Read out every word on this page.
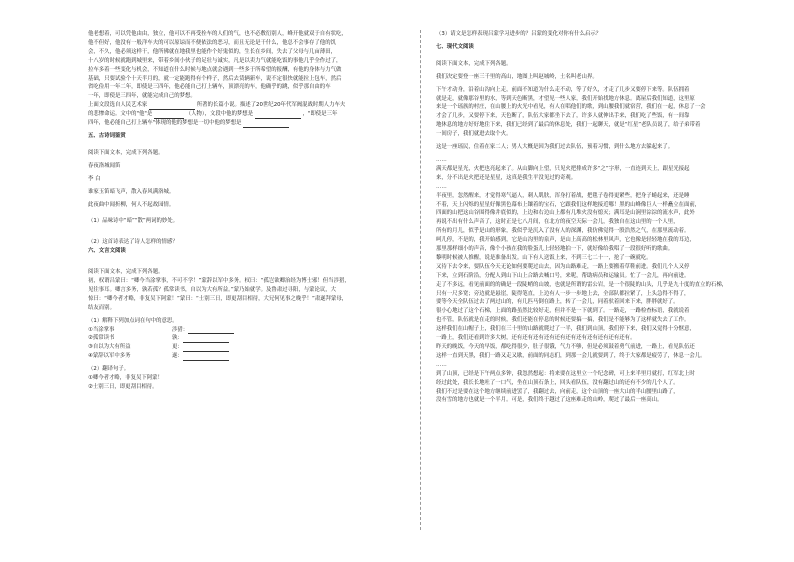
他老想着，可以凭他由由，独立，他可以不再受拴车的人们的气，也不必敷衍别人，峰开他就双于自有状吃，
他不但好，他没有一般洋车夫的可以原谅而不便依法的恶习，而且无论是干什么，他总不会事存了他的饥
会，不久，他必须这样干，他所佛就在地我里也能作个好鬼似的，生长在乡间，失去了父母与几亩薄田，
十八岁的时候就跑到城里来，带着乡间小伙子的足壮与诚实，凡是以卖力气就能吃饭的事他几乎全作过了，
拉车多着一些变化与机会，不知道在什么时候与地点就会遇到一些多于所希望的报酬，有他的身体与力气做
基础，只要试验个十天半月的，就一定能跑得有个样子，然后去赁辆新车，说不定很快就能拉上包车，然后
省吃俭用一年二年，即使是三四年，他必能自己打上辆车，顶漂亮的车，他确乎的跳，似乎那自由的车
一年，即使是三四年，就能完成自己的梦想。
上面文段选自人民艺术家	所著的长篇小说。描述了20世纪20年代军阀混战时期人力车夫
的悲惨命运。文中的"他"是	（人物），文段中他的梦想是	，"即使是三年
四年，他必能自己打上辆车"体现的他的梦想是一切中他的梦想是
五、古诗词鉴赏
阅读下面文本，完成下列各题。
春夜洛城闻笛
李 白
谁家玉笛暗飞声，散入春风满洛城。
此夜曲中闻折柳，何人不起故园情。
（1）品味诗中“暗”“散”两词的妙处。
（2）这首诗表达了诗人怎样的情感？
六、文言文阅读
阅读下面文本，完成下列各题。
初，权谓吕蒙曰：“卿今当涂掌事，不可不学！”蒙辞以军中多务。权曰：“孤岂欲卿治经为博士邪！但当涉猎，
见往事耳。卿言多务，孰若孤？孤常读书，自以为大有所益。”蒙乃始就学。及鲁肃过寻阳，与蒙论议，大
惊曰：“卿今者才略，非复吴下阿蒙！”蒙曰：“士别三日，即更刮目相待，大兄何见事之晚乎！”肃遂拜蒙母，
结友而别。
（1）解释下列加点词在句中的意思。
①当涂掌事	涉猎：
②孤常读书	孰：
③自以为大有所益	更：
④蒙辞以军中多务	遂：
（2）翻译句子。
①卿今者才略，非复吴下阿蒙！
②士别三日，即更刮目相待。
（3）请文是怎样表现吕蒙学习进步的？吕蒙的变化对你有什么启示？
七、现代文阅读
阅读下面文本，完成下列各题。
我们决定要登一座三千里的高山，地图上叫赵城岭，土名叫老山界。
下午才动身，沿着山沟向上走，前面不知道为什么走不动，等了好久，才走了几步又要停下来等。队伍拥着
就是走，就像那谷里的水，等到天色断黑，才望见一些人家，我们开始找地方休息。离屋后我们知道，这里原
来是一个瑶族的村庄，在山腰上的火光中看见，有人在唱他们的歌，到山腰我们就宿营，我们在一起，休息了一会
才会了几步，又要停下来，天色断了，队伍大家都坐下去了，许多人就伸出手来，我们吃了些饭，有一间靠
地休息的地方好好地住下来，我们已经到了最后的休息处，我们一起聊天，就是“红星”老队员说了，给子弟带着
一间房子，我们就进去取个火。
这是一座瑶民，住着在家二人；男人大概是因为我们过去队伍，预着习惯，到什么地方去躲起来了。
……
满天都是星光，火把也亮起来了。从山脚向上望，只见火把排成许多“之”字形，一直连到天上，跟星光接起
来，分不出是火把还是星星，这真是我生平没见过的奇观。
……
半夜里，忽然醒来，才觉得寒气逼人，刺人肌肤，浑身打着战，把毯子卷得更紧些，把身子蜷起来，还是睡
不着，天上闪烁的星星好像黑色幕布上镶着的宝石，它跟我们这样地接近哪！黑的山峰像巨人一样矗立在面前，
四面的山把这山谷围得像井底似的，上边和右边山上都有几堆火没有熄灭；满耳是山涧里淙淙的流水声，此外
再说不出有什么声音了，这时正是七八月间，在北方的夜空天际一会儿，我独自在这山里的一个人里，
所有的月儿，似乎是山的形象，我似乎是沉入了没有人的深渊，我仿佛觉得一股浩然之气，在那里流动着。
呵儿停，不是的，我开始感到，它是山沟里的泉声，是山上高高的松林里风声，它也像是轻轻地在我的耳边，
那里那样细小的声音，像个小孩在我的脸蛋儿上轻轻地拍一下，就好像给我唱了一段很好听的歌曲。
黎明时候被人推醒，说是准备出发。山下有人送饭上来，不到三七二十一，抢了一碗就吃。
又待下去令来，要队伍今天无论如何要爬过山去，因为山路难走，一路上要搬着草鞋前进。我们几个人又停
下来，立到石阶沿，分配人到山下山上合路去喊口号，来呢，帮助病员和运输员。忙了一会儿，再向前进。
走了不多远，看见前面的的确是一段陡峭的山坡，也就是所谓的雷公岩，是一个很陡的山头，几乎是九十度的直立的石梯，
只有一尺多宽；旁边就是悬崖，陡得笔直，上边有人一步一步地上去，全部队都拉紧了，上头急得不得了，
要等今天全队伍过去了两过山的，有几匹马倒在路上，转了一会儿，同着驮着回来下来，胖胖就好了。
很小心地过了这个石梯，上面的路虽然比较好走，但并不是一下就到了。一路走，一路检查标语，我就说着
也不管，队伍就是在走的时候，我们还能在停息的时候还要搞一搞，我们是不能够为了这样就失去了工作。
这样我们在山帽子上，我们在三十里的山路就爬过了一半，我们到山顶，我们停下来，我们又觉得十分惬意，
一路上，我们还看到许多大树，还有还有还有还有还有还有还有还有还有还有还有。
昨天的晚饭，今天的早饭，都吃得很少，肚子很饿，气力不够，但是必须鼓着勇气前进，一路上，看见队伍还
这样一直到天黑，我们一路又走又歇，前面的同志们，到那一会儿就要到了，终于大家都是疲劳了，休息一会儿。
……
到了山顶，已经是下午两点多钟，我忽然想起：将来要在这里立一个纪念碑，可上来半里月就打，红军北上时
经过此处，我长长地吐了一口气，坐在山顶石条上，回头看队伍，没有翻过山的还有不少的几个人了。
我们不过是要在这个地方继续前进罢了，我翻过去，向前走，这个山顶的一座大山的半山腰里山路了，
没有雪的地方也就是一个半月。可是，我们终于越过了这座难走的山岭，爬过了最后一座高山。
